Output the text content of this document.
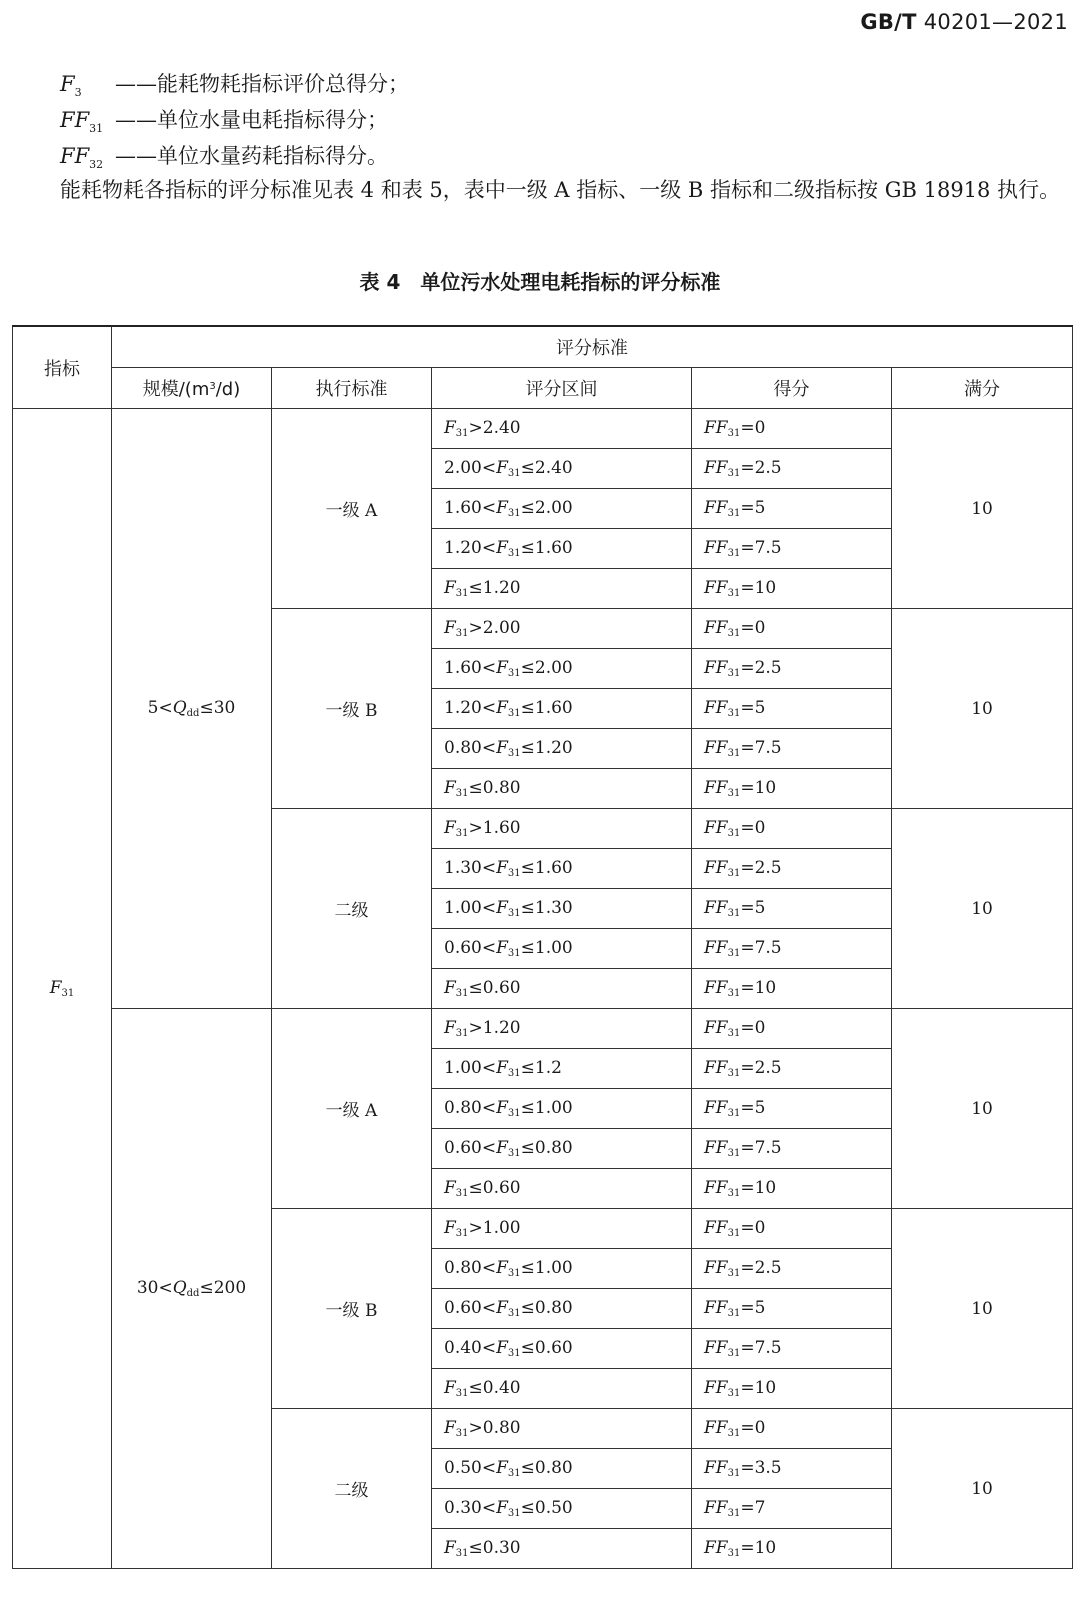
GB/T 40201—2021
$F_3$ ——能耗物耗指标评价总得分；
$FF_{31}$ ——单位水量电耗指标得分；
$FF_{32}$ ——单位水量药耗指标得分。
能耗物耗各指标的评分标准见表 4 和表 5，表中一级 A 指标、一级 B 指标和二级指标按 GB 18918 执行。
表 4　单位污水处理电耗指标的评分标准
指标	评分标准				
	规模$/(m^3/d)$	执行标准	评分区间	得分	满分
$F_{31}$	$5<Q_{dd}\le 30$	一级 A	$F_{31}>2.40$	$FF_{31}=0$	10
			$2.00<F_{31}\le 2.40$	$FF_{31}=2.5$	
			$1.60<F_{31}\le 2.00$	$FF_{31}=5$	
			$1.20<F_{31}\le 1.60$	$FF_{31}=7.5$	
			$F_{31}\le 1.20$	$FF_{31}=10$	
		一级 B	$F_{31}>2.00$	$FF_{31}=0$	10
			$1.60<F_{31}\le 2.00$	$FF_{31}=2.5$	
			$1.20<F_{31}\le 1.60$	$FF_{31}=5$	
			$0.80<F_{31}\le 1.20$	$FF_{31}=7.5$	
			$F_{31}\le 0.80$	$FF_{31}=10$	
		二级	$F_{31}>1.60$	$FF_{31}=0$	10
			$1.30<F_{31}\le 1.60$	$FF_{31}=2.5$	
			$1.00<F_{31}\le 1.30$	$FF_{31}=5$	
			$0.60<F_{31}\le 1.00$	$FF_{31}=7.5$	
			$F_{31}\le 0.60$	$FF_{31}=10$	
	$30<Q_{dd}\le 200$	一级 A	$F_{31}>1.20$	$FF_{31}=0$	10
			$1.00<F_{31}\le 1.2$	$FF_{31}=2.5$	
			$0.80<F_{31}\le 1.00$	$FF_{31}=5$	
			$0.60<F_{31}\le 0.80$	$FF_{31}=7.5$	
			$F_{31}\le 0.60$	$FF_{31}=10$	
		一级 B	$F_{31}>1.00$	$FF_{31}=0$	10
			$0.80<F_{31}\le 1.00$	$FF_{31}=2.5$	
			$0.60<F_{31}\le 0.80$	$FF_{31}=5$	
			$0.40<F_{31}\le 0.60$	$FF_{31}=7.5$	
			$F_{31}\le 0.40$	$FF_{31}=10$	
		二级	$F_{31}>0.80$	$FF_{31}=0$	10
			$0.50<F_{31}\le 0.80$	$FF_{31}=3.5$	
			$0.30<F_{31}\le 0.50$	$FF_{31}=7$	
			$F_{31}\le 0.30$	$FF_{31}=10$	
